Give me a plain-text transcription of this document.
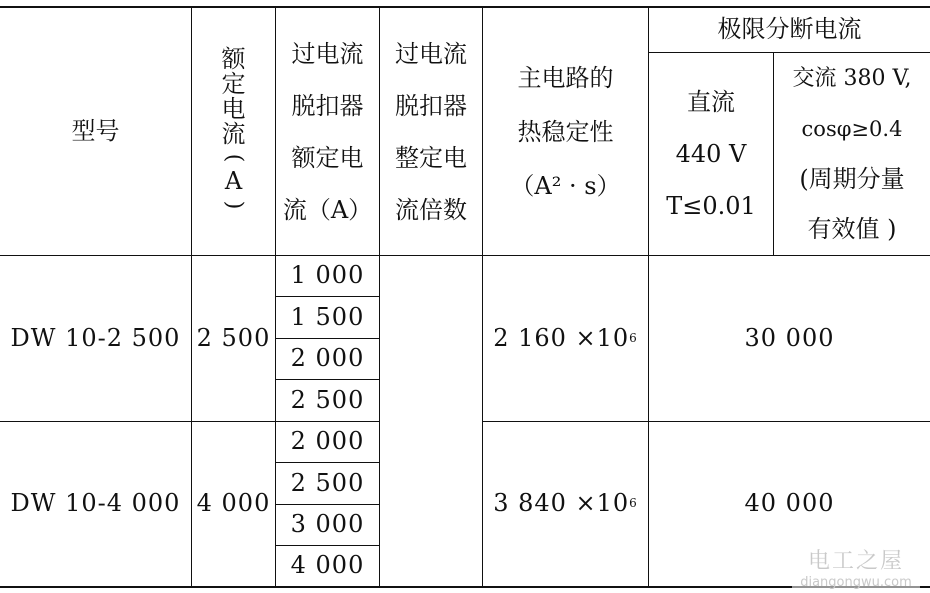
型号
额
定
电
流
(
A
)
过电流
脱扣器
额定电
流（A）
过电流
脱扣器
整定电
流倍数
主电路的
热稳定性
（A² · s）
极限分断电流
直流
440 V
T≤0.01
交流 380 V,
cosφ≥0.4
(周期分量
有效值 )
DW 10-2 500 2 500
1 000
1 500
2 000
2 500
2 160 ×10 6	30 000
DW 10-4 000 4 000
2 000
2 500
3 000
4 000
3 840 ×10 6	40 000
电工之屋
diangongwu.com
